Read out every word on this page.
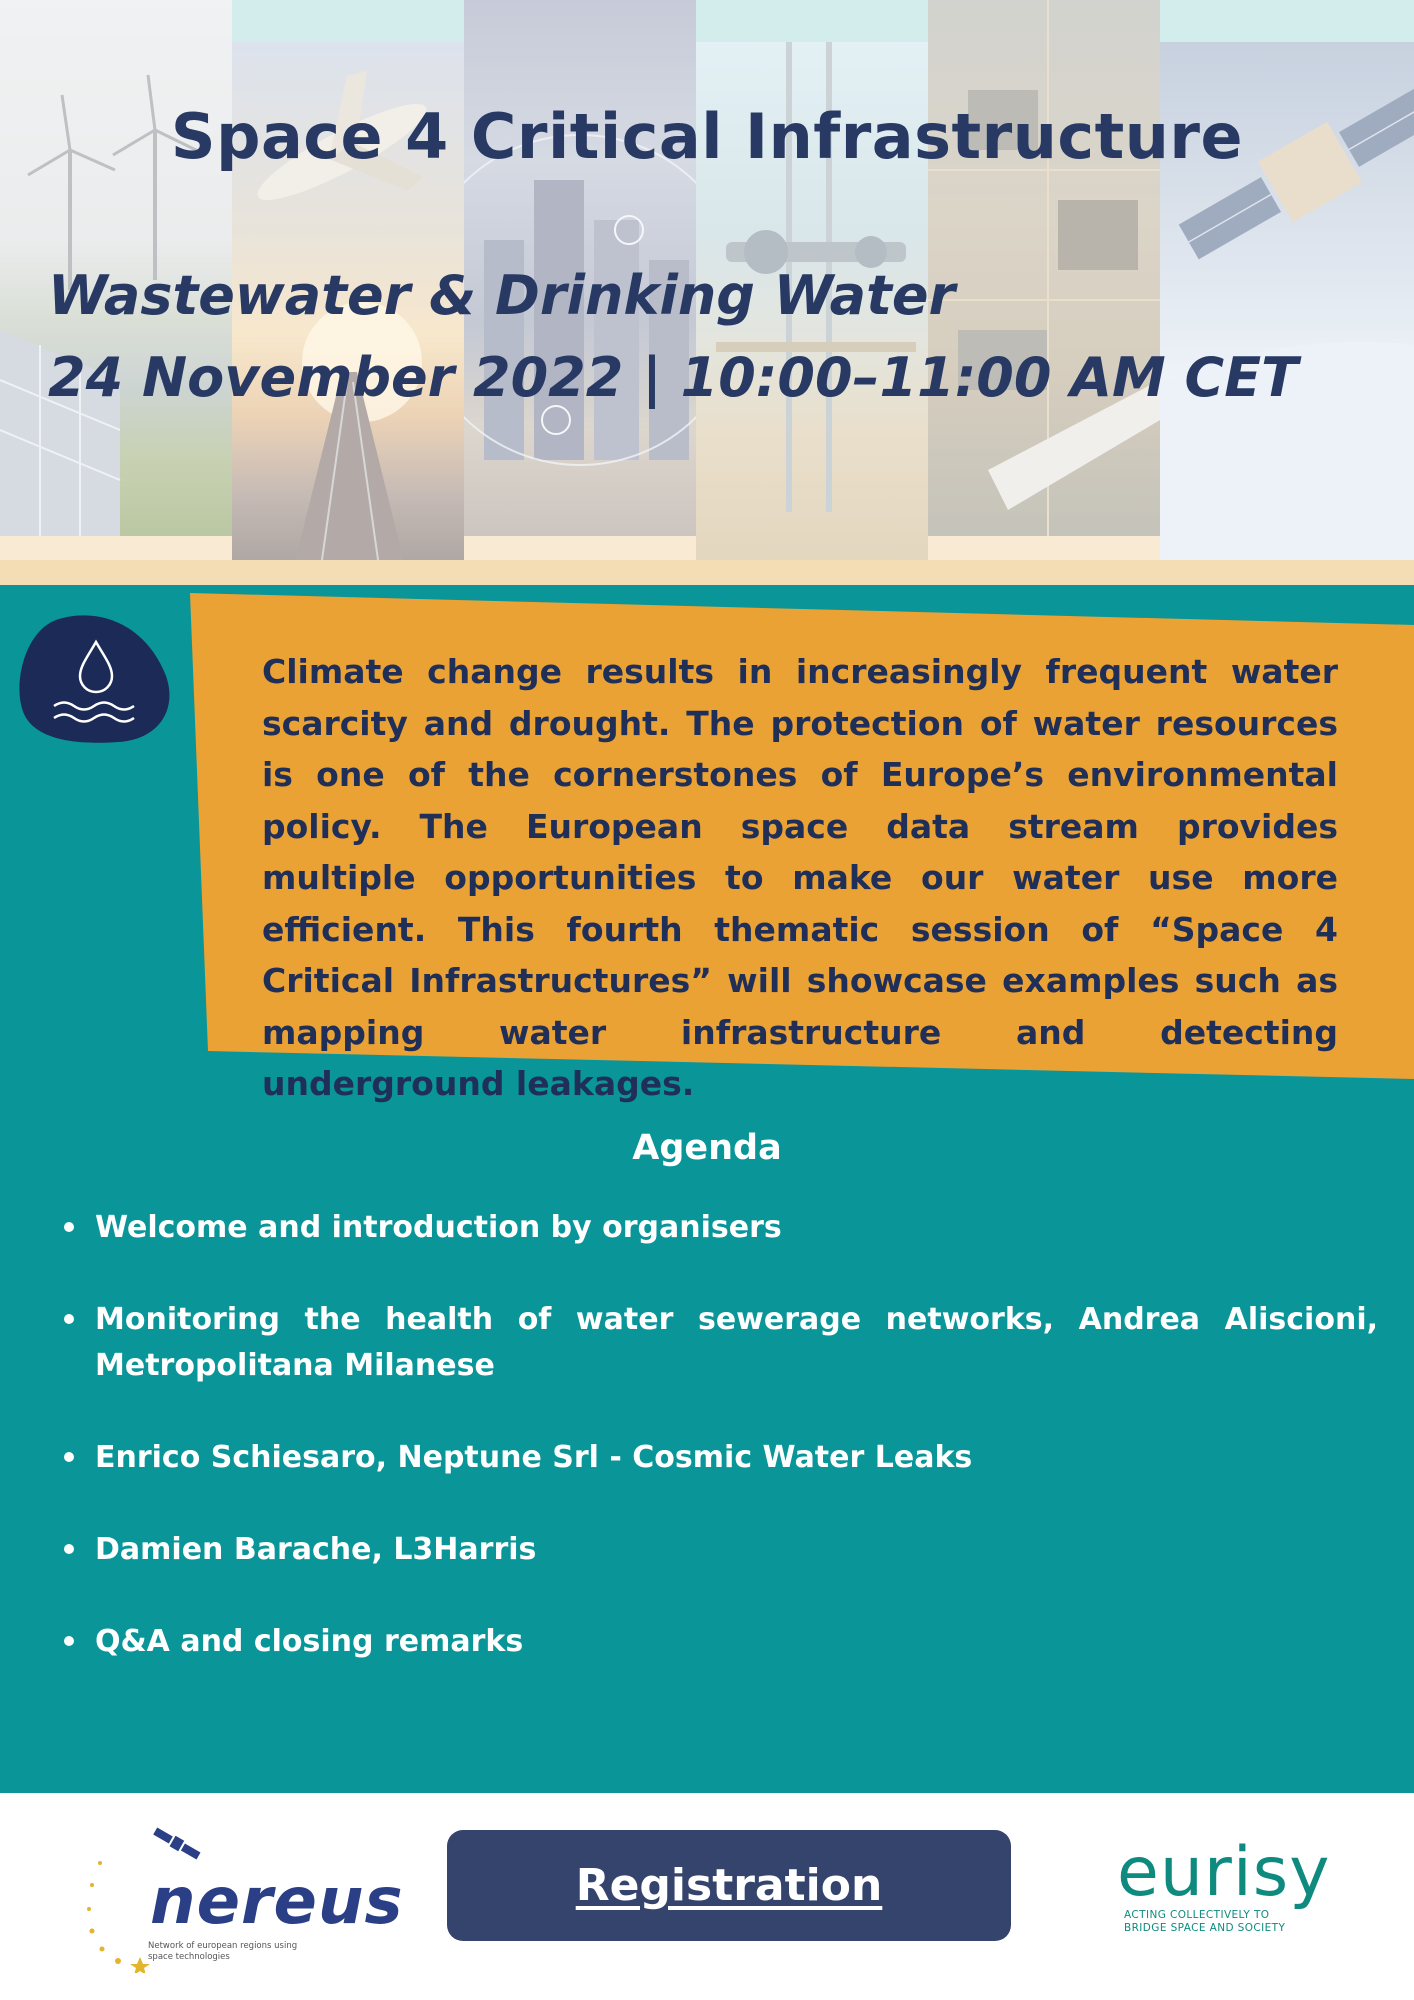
Space 4 Critical Infrastructure
Wastewater & Drinking Water
24 November 2022 | 10:00–11:00 AM CET

Climate change results in increasingly frequent water scarcity and drought. The protection of water resources is one of the cornerstones of Europe’s environmental policy. The European space data stream provides multiple opportunities to make our water use more efficient. This fourth thematic session of “Space 4 Critical Infrastructures” will showcase examples such as mapping water infrastructure and detecting underground leakages.

Agenda
Welcome and introduction by organisers
Monitoring the health of water sewerage networks, Andrea Aliscioni, Metropolitana Milanese
Enrico Schiesaro, Neptune Srl - Cosmic Water Leaks
Damien Barache, L3Harris
Q&A and closing remarks
nereus
Network of european regions using space technologies
Registration	eurisy
ACTING COLLECTIVELY TO
BRIDGE SPACE AND SOCIETY
